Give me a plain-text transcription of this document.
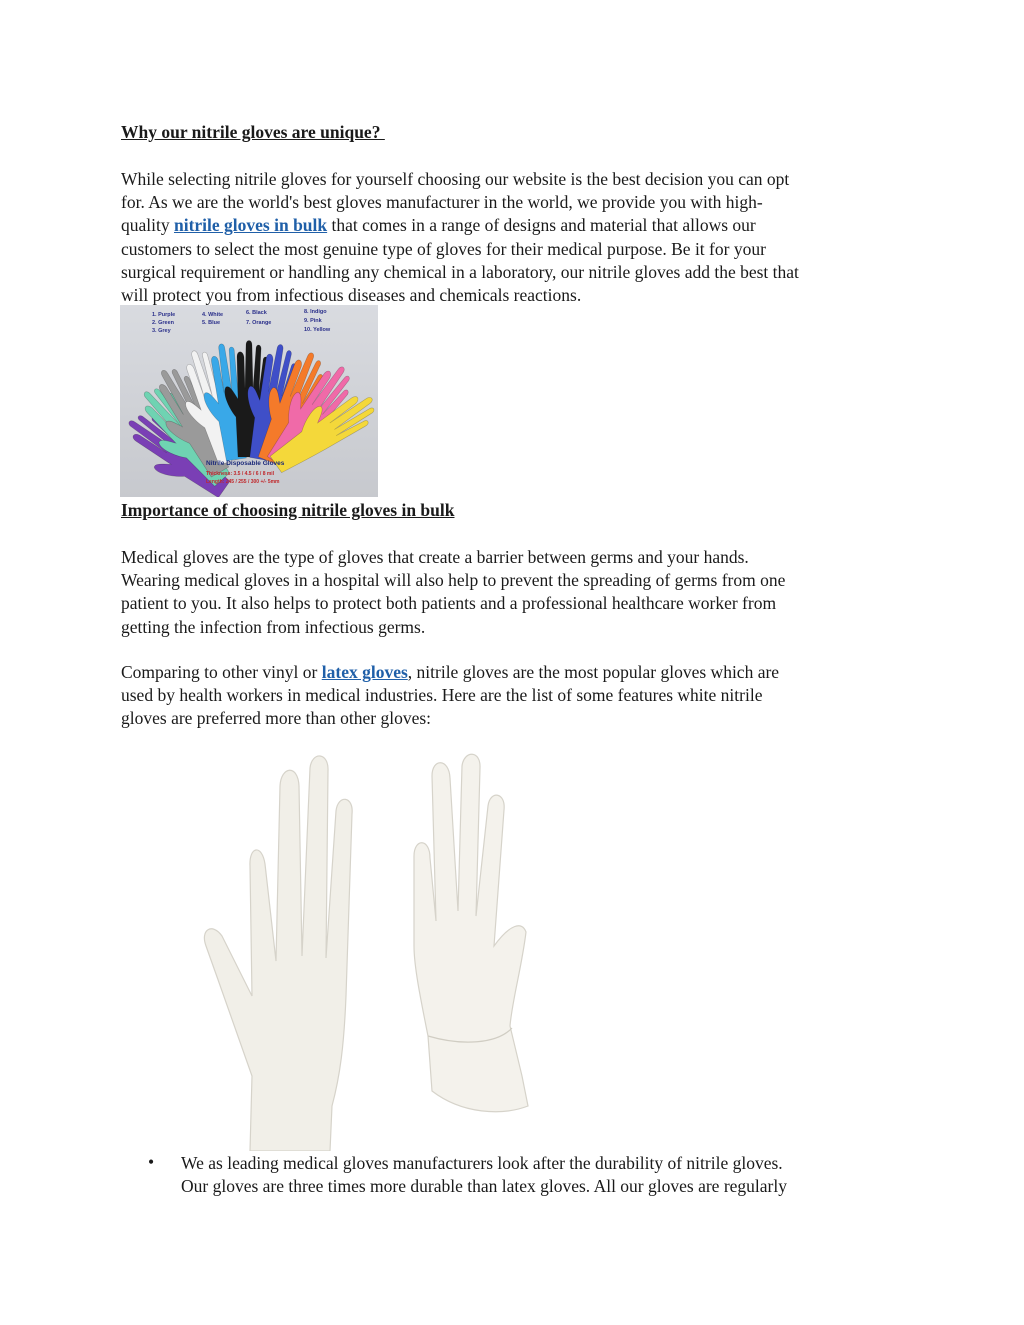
Why our nitrile gloves are unique?
While selecting nitrile gloves for yourself choosing our website is the best decision you can opt
for. As we are the world's best gloves manufacturer in the world, we provide you with high-
quality nitrile gloves in bulk that comes in a range of designs and material that allows our
customers to select the most genuine type of gloves for their medical purpose. Be it for your
surgical requirement or handling any chemical in a laboratory, our nitrile gloves add the best that
will protect you from infectious diseases and chemicals reactions.
1. Purple
2. Green
3. Grey
4. White
5. Blue
6. Black
7. Orange
8. Indigo
9. Pink
10. Yellow
Nitrile Disposable Gloves
Thickness: 3.5 / 4.5 / 6 / 8 mil
Length: 245 / 255 / 300 +/- 5mm
Importance of choosing nitrile gloves in bulk
Medical gloves are the type of gloves that create a barrier between germs and your hands.
Wearing medical gloves in a hospital will also help to prevent the spreading of germs from one
patient to you. It also helps to protect both patients and a professional healthcare worker from
getting the infection from infectious germs.
Comparing to other vinyl or latex gloves, nitrile gloves are the most popular gloves which are
used by health workers in medical industries. Here are the list of some features white nitrile
gloves are preferred more than other gloves:
• We as leading medical gloves manufacturers look after the durability of nitrile gloves.
Our gloves are three times more durable than latex gloves. All our gloves are regularly
